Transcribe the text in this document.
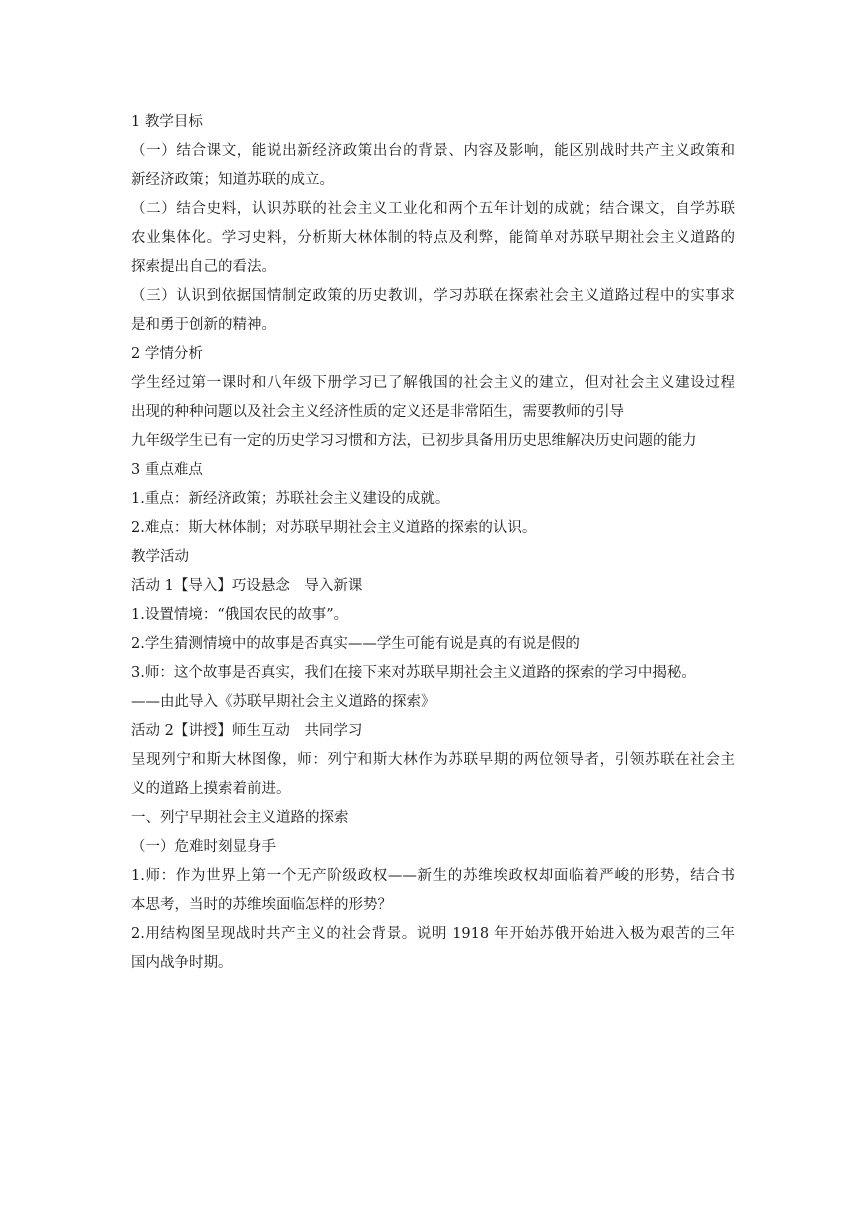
1 教学目标
（一）结合课文，能说出新经济政策出台的背景、内容及影响，能区别战时共产主义政策和
新经济政策；知道苏联的成立。
（二）结合史料，认识苏联的社会主义工业化和两个五年计划的成就；结合课文，自学苏联
农业集体化。学习史料，分析斯大林体制的特点及利弊，能简单对苏联早期社会主义道路的
探索提出自己的看法。
（三）认识到依据国情制定政策的历史教训，学习苏联在探索社会主义道路过程中的实事求
是和勇于创新的精神。
2 学情分析
学生经过第一课时和八年级下册学习已了解俄国的社会主义的建立，但对社会主义建设过程
出现的种种问题以及社会主义经济性质的定义还是非常陌生，需要教师的引导
九年级学生已有一定的历史学习习惯和方法，已初步具备用历史思维解决历史问题的能力
3 重点难点
1.重点：新经济政策；苏联社会主义建设的成就。
2.难点：斯大林体制；对苏联早期社会主义道路的探索的认识。
教学活动
活动 1【导入】巧设悬念　导入新课
1.设置情境：“俄国农民的故事”。
2.学生猜测情境中的故事是否真实——学生可能有说是真的有说是假的
3.师：这个故事是否真实，我们在接下来对苏联早期社会主义道路的探索的学习中揭秘。
——由此导入《苏联早期社会主义道路的探索》
活动 2【讲授】师生互动　共同学习
呈现列宁和斯大林图像，师：列宁和斯大林作为苏联早期的两位领导者，引领苏联在社会主
义的道路上摸索着前进。
一、列宁早期社会主义道路的探索
（一）危难时刻显身手
1.师：作为世界上第一个无产阶级政权——新生的苏维埃政权却面临着严峻的形势，结合书
本思考，当时的苏维埃面临怎样的形势？
2.用结构图呈现战时共产主义的社会背景。说明 1918 年开始苏俄开始进入极为艰苦的三年
国内战争时期。
